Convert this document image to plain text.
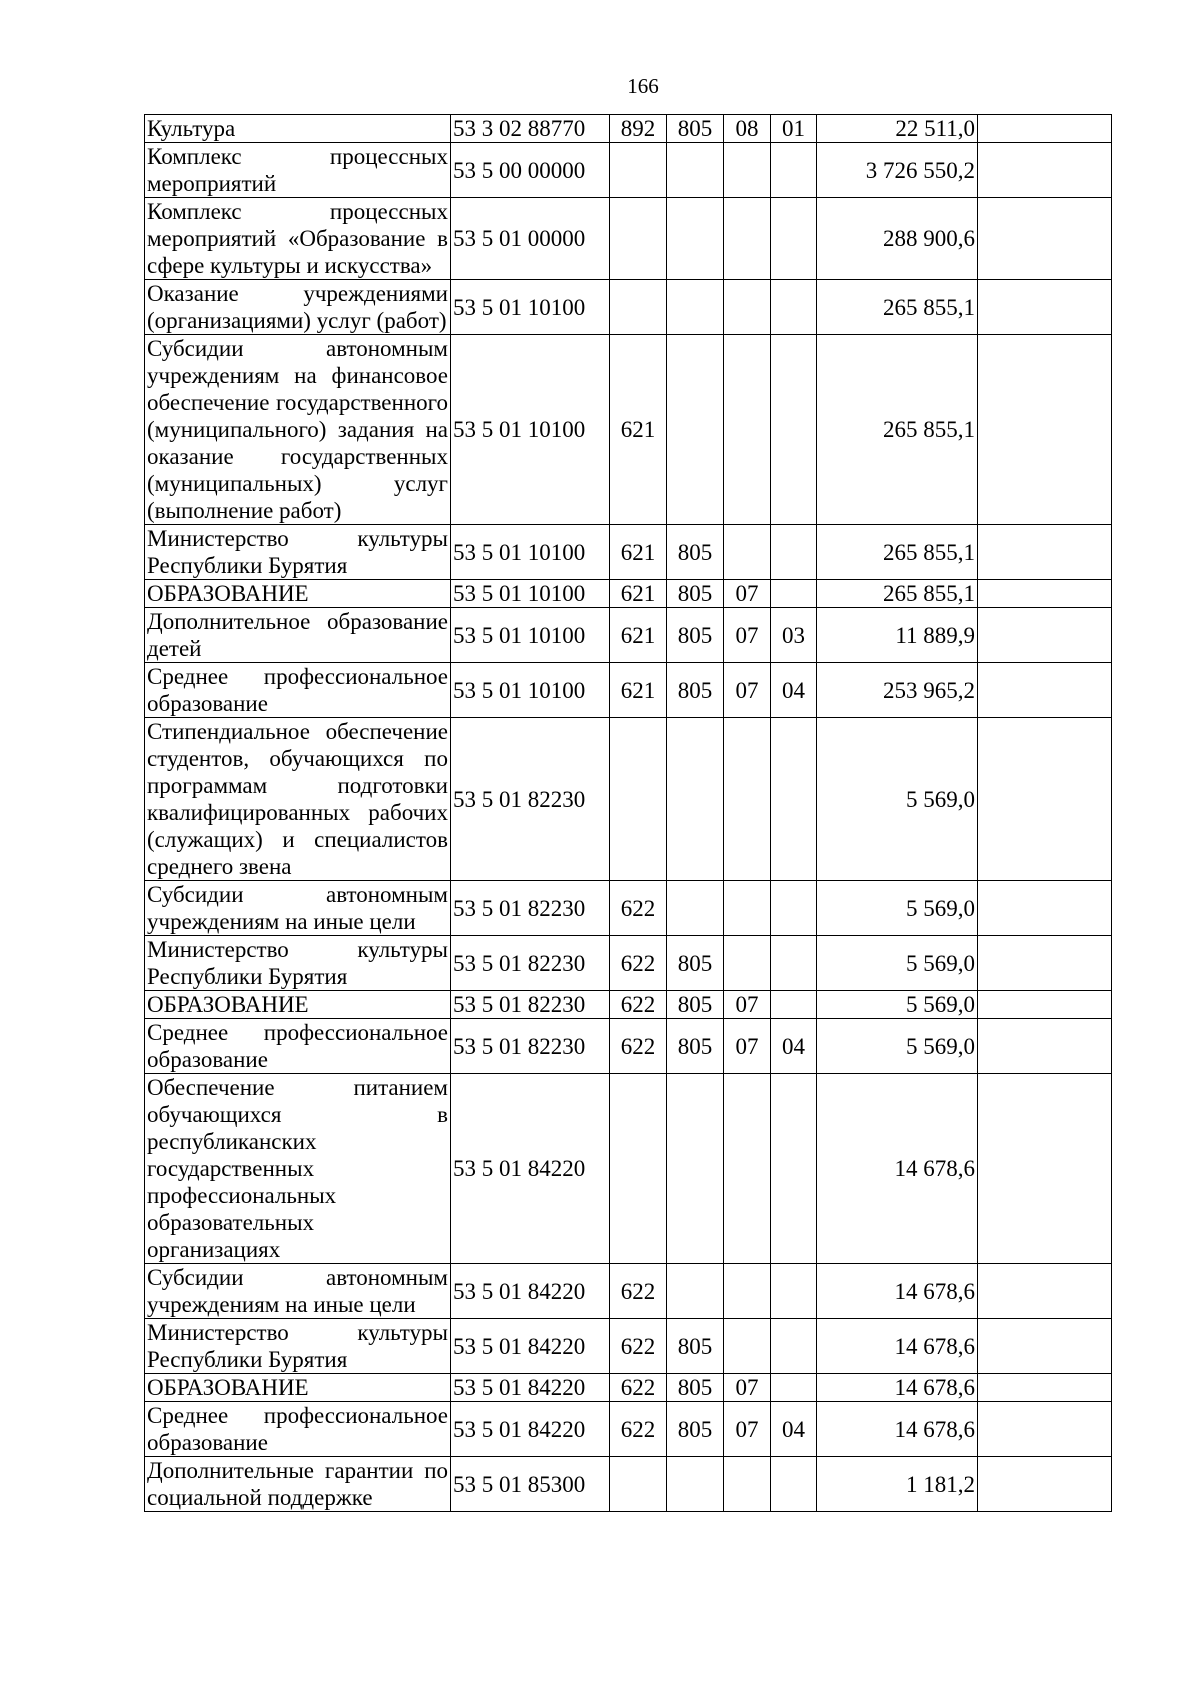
166
Культура	53 3 02 88770	892	805	08	01	22 511,0	
Комплекс процессных мероприятий	53 5 00 00000					3 726 550,2	
Комплекс процессных мероприятий «Образование в сфере культуры и искусства»	53 5 01 00000					288 900,6	
Оказание учреждениями (организациями) услуг (работ)	53 5 01 10100					265 855,1	
Субсидии автономным учреждениям на финансовое обеспечение государственного (муниципального) задания на оказание государственных (муниципальных) услуг (выполнение работ)	53 5 01 10100	621				265 855,1	
Министерство культуры Республики Бурятия	53 5 01 10100	621	805			265 855,1	
ОБРАЗОВАНИЕ	53 5 01 10100	621	805	07		265 855,1	
Дополнительное образование детей	53 5 01 10100	621	805	07	03	11 889,9	
Среднее профессиональное образование	53 5 01 10100	621	805	07	04	253 965,2	
Стипендиальное обеспечение студентов, обучающихся по программам подготовки квалифицированных рабочих (служащих) и специалистов среднего звена	53 5 01 82230					5 569,0	
Субсидии автономным учреждениям на иные цели	53 5 01 82230	622				5 569,0	
Министерство культуры Республики Бурятия	53 5 01 82230	622	805			5 569,0	
ОБРАЗОВАНИЕ	53 5 01 82230	622	805	07		5 569,0	
Среднее профессиональное образование	53 5 01 82230	622	805	07	04	5 569,0	
Обеспечение питанием обучающихся в республиканских государственных профессиональных образовательных организациях	53 5 01 84220					14 678,6	
Субсидии автономным учреждениям на иные цели	53 5 01 84220	622				14 678,6	
Министерство культуры Республики Бурятия	53 5 01 84220	622	805			14 678,6	
ОБРАЗОВАНИЕ	53 5 01 84220	622	805	07		14 678,6	
Среднее профессиональное образование	53 5 01 84220	622	805	07	04	14 678,6	
Дополнительные гарантии по социальной поддержке	53 5 01 85300					1 181,2	
